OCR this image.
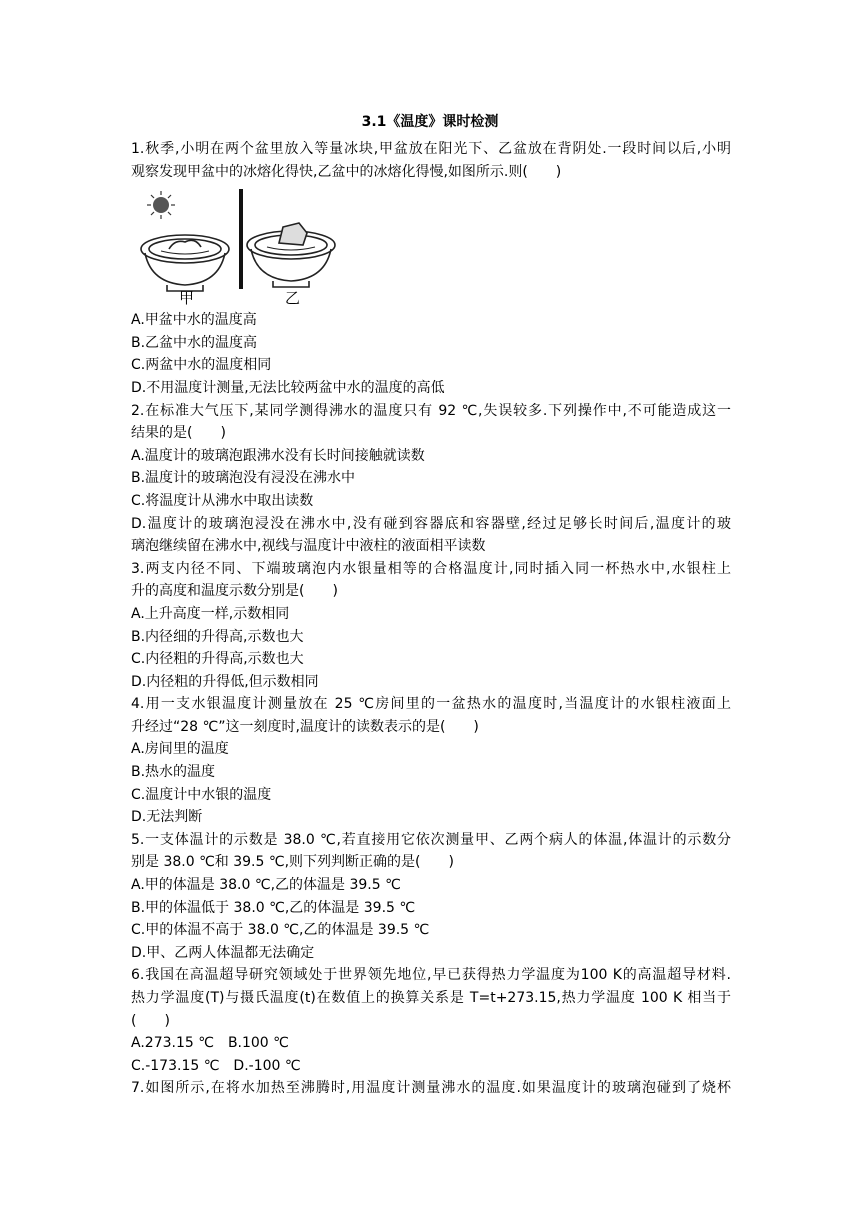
3.1《温度》课时检测
1.秋季,小明在两个盆里放入等量冰块,甲盆放在阳光下、乙盆放在背阴处.一段时间以后,小明
观察发现甲盆中的冰熔化得快,乙盆中的冰熔化得慢,如图所示.则(　　)
甲	乙
A.甲盆中水的温度高
B.乙盆中水的温度高
C.两盆中水的温度相同
D.不用温度计测量,无法比较两盆中水的温度的高低
2.在标准大气压下,某同学测得沸水的温度只有 92 ℃,失误较多.下列操作中,不可能造成这一
结果的是(　　)
A.温度计的玻璃泡跟沸水没有长时间接触就读数
B.温度计的玻璃泡没有浸没在沸水中
C.将温度计从沸水中取出读数
D.温度计的玻璃泡浸没在沸水中,没有碰到容器底和容器壁,经过足够长时间后,温度计的玻
璃泡继续留在沸水中,视线与温度计中液柱的液面相平读数
3.两支内径不同、下端玻璃泡内水银量相等的合格温度计,同时插入同一杯热水中,水银柱上
升的高度和温度示数分别是(　　)
A.上升高度一样,示数相同
B.内径细的升得高,示数也大
C.内径粗的升得高,示数也大
D.内径粗的升得低,但示数相同
4.用一支水银温度计测量放在 25 ℃房间里的一盆热水的温度时,当温度计的水银柱液面上
升经过“28 ℃”这一刻度时,温度计的读数表示的是(　　)
A.房间里的温度
B.热水的温度
C.温度计中水银的温度
D.无法判断
5.一支体温计的示数是 38.0 ℃,若直接用它依次测量甲、乙两个病人的体温,体温计的示数分
别是 38.0 ℃和 39.5 ℃,则下列判断正确的是(　　)
A.甲的体温是 38.0 ℃,乙的体温是 39.5 ℃
B.甲的体温低于 38.0 ℃,乙的体温是 39.5 ℃
C.甲的体温不高于 38.0 ℃,乙的体温是 39.5 ℃
D.甲、乙两人体温都无法确定
6.我国在高温超导研究领域处于世界领先地位,早已获得热力学温度为100 K的高温超导材料.
热力学温度(T)与摄氏温度(t)在数值上的换算关系是 T=t+273.15,热力学温度 100 K 相当于
(　　)
A.273.15 ℃　B.100 ℃
C.-173.15 ℃　D.-100 ℃
7.如图所示,在将水加热至沸腾时,用温度计测量沸水的温度.如果温度计的玻璃泡碰到了烧杯
